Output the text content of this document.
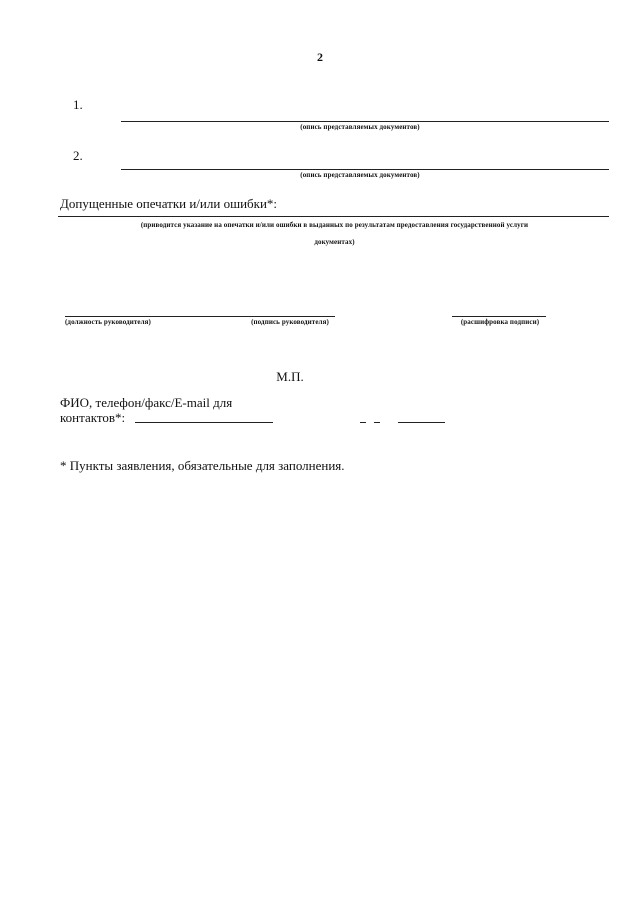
2
1.
(опись представляемых документов)
2.
(опись представляемых документов)
Допущенные опечатки и/или ошибки*:
(приводится указание на опечатки и/или ошибки в выданных по результатам предоставления государственной услуги
документах)
(должность руководителя)	(подпись руководителя)	(расшифровка подписи)
М.П.
ФИО, телефон/факс/E-mail для
контактов*:
* Пункты заявления, обязательные для заполнения.
